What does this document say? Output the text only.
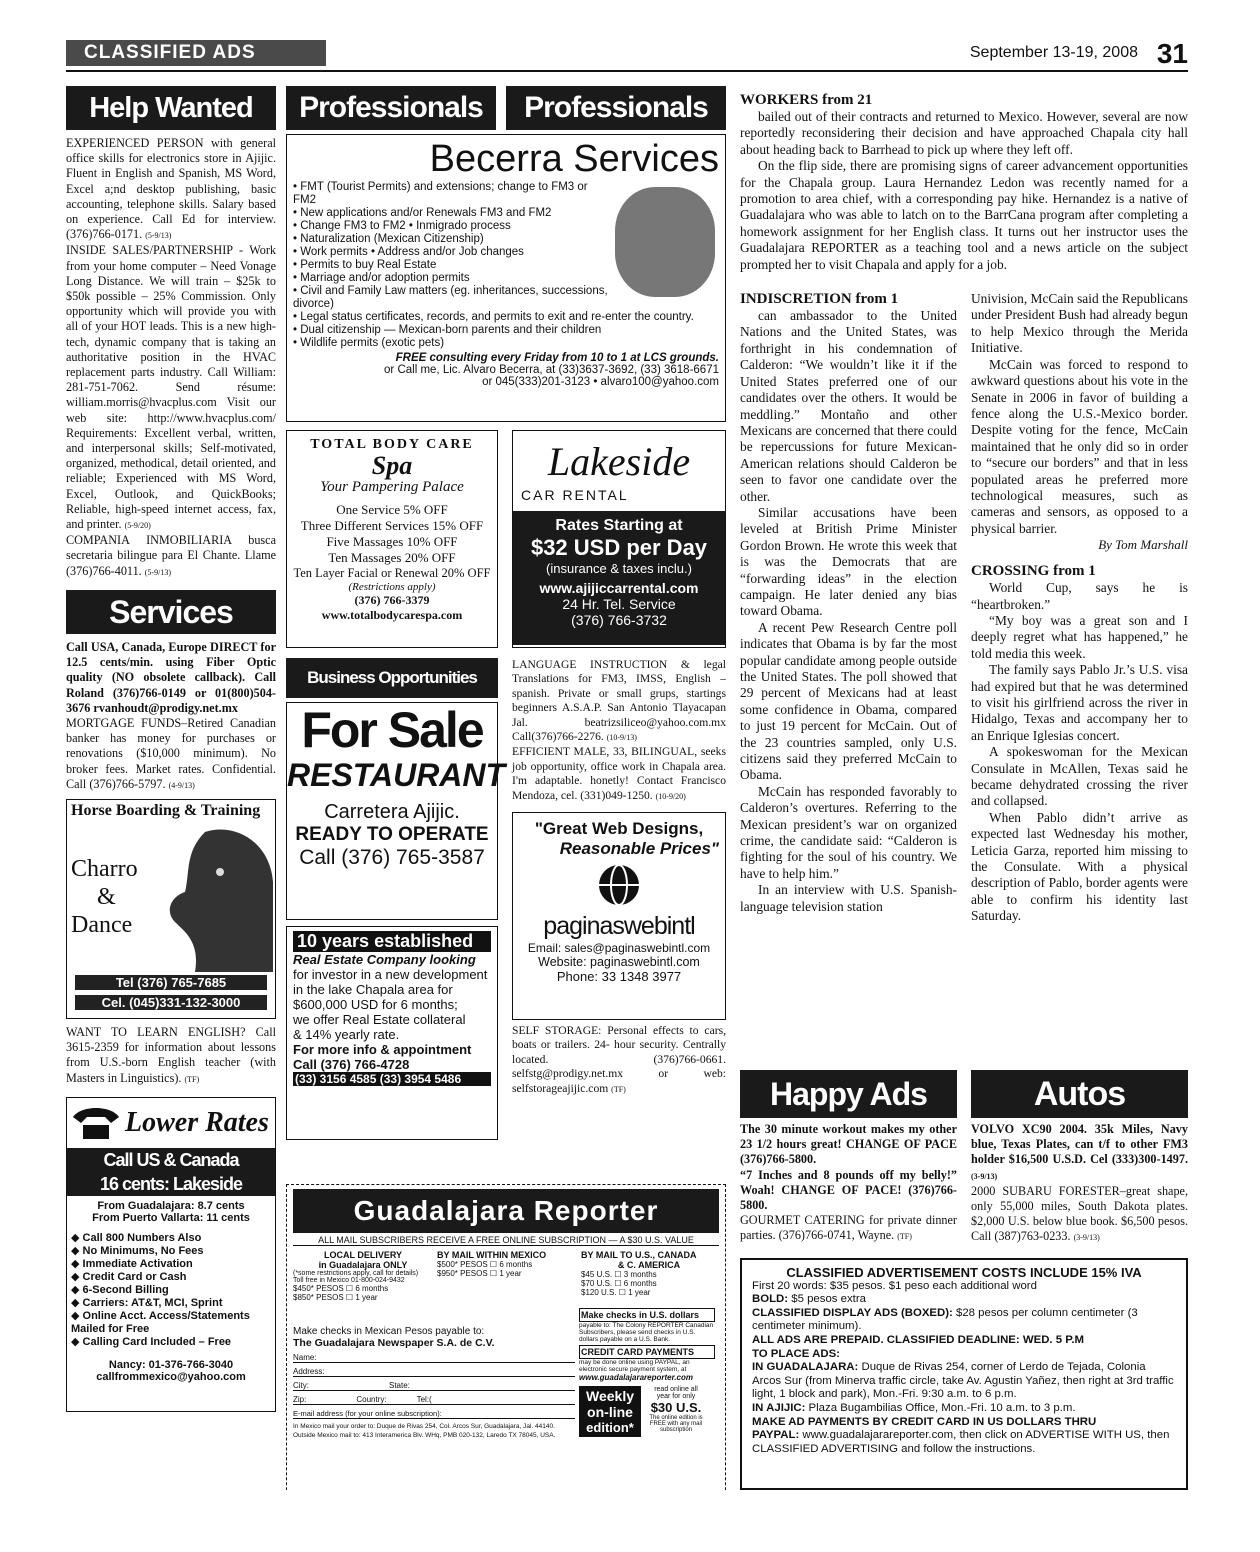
CLASSIFIED ADS	September 13-19, 2008 31
Help Wanted

EXPERIENCED PERSON with general office skills for electronics store in Ajijic. Fluent in English and Spanish, MS Word, Excel a;nd desktop publishing, basic accounting, telephone skills. Salary based on experience. Call Ed for interview. (376)766-0171. (5-9/13)

INSIDE SALES/PARTNERSHIP - Work from your home computer – Need Vonage Long Distance. We will train – $25k to $50k possible – 25% Commission. Only opportunity which will provide you with all of your HOT leads. This is a new high-tech, dynamic company that is taking an authoritative position in the HVAC replacement parts industry. Call William: 281-751-7062. Send résume: william.morris@hvacplus.com Visit our web site: http://www.hvacplus.com/ Requirements: Excellent verbal, written, and interpersonal skills; Self-motivated, organized, methodical, detail oriented, and reliable; Experienced with MS Word, Excel, Outlook, and QuickBooks; Reliable, high-speed internet access, fax, and printer. (5-9/20)

COMPANIA INMOBILIARIA busca secretaria bilingue para El Chante. Llame (376)766-4011. (5-9/13)

Services

Call USA, Canada, Europe DIRECT for 12.5 cents/min. using Fiber Optic quality (NO obsolete callback). Call Roland (376)766-0149 or 01(800)504-3676 rvanhoudt@prodigy.net.mx

MORTGAGE FUNDS–Retired Canadian banker has money for purchases or renovations ($10,000 minimum). No broker fees. Market rates. Confidential. Call (376)766-5797. (4-9/13)

Horse Boarding & Training
Charro
&
Dance
Tel (376) 765-7685
Cel. (045)331-132-3000

WANT TO LEARN ENGLISH? Call 3615-2359 for information about lessons from U.S.-born English teacher (with Masters in Linguistics). (TF)

Lower Rates
Call US & Canada
16 cents: Lakeside
From Guadalajara: 8.7 cents
From Puerto Vallarta: 11 cents
◆ Call 800 Numbers Also
◆ No Minimums, No Fees
◆ Immediate Activation
◆ Credit Card or Cash
◆ 6-Second Billing
◆ Carriers: AT&T, MCI, Sprint
◆ Online Acct. Access/Statements Mailed for Free
◆ Calling Card Included – Free
Nancy: 01-376-766-3040
callfrommexico@yahoo.com
Professionals	Professionals
Becerra Services
• FMT (Tourist Permits) and extensions; change to FM3 or FM2
• New applications and/or Renewals FM3 and FM2
• Change FM3 to FM2 • Inmigrado process
• Naturalization (Mexican Citizenship)
• Work permits • Address and/or Job changes
• Permits to buy Real Estate
• Marriage and/or adoption permits
• Civil and Family Law matters (eg. inheritances, successions, divorce)
• Legal status certificates, records, and permits to exit and re-enter the country.
• Dual citizenship — Mexican-born parents and their children
• Wildlife permits (exotic pets)
FREE consulting every Friday from 10 to 1 at LCS grounds.
or Call me, Lic. Alvaro Becerra, at (33)3637-3692, (33) 3618-6671
or 045(333)201-3123 • alvaro100@yahoo.com
TOTAL BODY CARE
Spa
Your Pampering Palace
One Service 5% OFF
Three Different Services 15% OFF
Five Massages 10% OFF
Ten Massages 20% OFF
Ten Layer Facial or Renewal 20% OFF
(Restrictions apply)
(376) 766-3379
www.totalbodycarespa.com
Lakeside
CAR RENTAL
Rates Starting at
$32 USD per Day
(insurance & taxes inclu.)
www.ajijiccarrental.com
24 Hr. Tel. Service
(376) 766-3732
Business Opportunities
For Sale
RESTAURANT
Carretera Ajijic.
READY TO OPERATE
Call (376) 765-3587
10 years established
Real Estate Company looking
for investor in a new development
in the lake Chapala area for
$600,000 USD for 6 months;
we offer Real Estate collateral
& 14% yearly rate.
For more info & appointment
Call (376) 766-4728
(33) 3156 4585 (33) 3954 5486

LANGUAGE INSTRUCTION & legal Translations for FM3, IMSS, English – spanish. Private or small grups, startings beginners A.S.A.P. San Antonio Tlayacapan Jal. beatrizsiliceo@yahoo.com.mx Call(376)766-2276. (10-9/13)

EFFICIENT MALE, 33, BILINGUAL, seeks job opportunity, office work in Chapala area. I'm adaptable. honetly! Contact Francisco Mendoza, cel. (331)049-1250. (10-9/20)

"Great Web Designs,
Reasonable Prices"
paginaswebintl
Email: sales@paginaswebintl.com
Website: paginaswebintl.com
Phone: 33 1348 3977

SELF STORAGE: Personal effects to cars, boats or trailers. 24- hour security. Centrally located. (376)766-0661. selfstg@prodigy.net.mx or web: selfstorageajijic.com (TF)

Guadalajara Reporter
ALL MAIL SUBSCRIBERS RECEIVE A FREE ONLINE SUBSCRIPTION — A $30 U.S. VALUE
LOCAL DELIVERY
in Guadalajara ONLY
(*some restrictions apply, call for details)
Toll free in Mexico 01-800-024-9432
$450* PESOS ☐ 6 months
$850* PESOS ☐ 1 year
BY MAIL WITHIN MEXICO
$500* PESOS ☐ 6 months
$950* PESOS ☐ 1 year
BY MAIL TO U.S., CANADA
& C. AMERICA
$45 U.S. ☐ 3 months
$70 U.S. ☐ 6 months
$120 U.S. ☐ 1 year
Make checks in Mexican Pesos payable to:
The Guadalajara Newspaper S.A. de C.V.
Name:
Address:
City:	State:
Zip:	Country:	Tel:(
E-mail address (for your online subscription):
In Mexico mail your order to: Duque de Rivas 254, Col. Arcos Sur, Guadalajara, Jal. 44140.
Outside Mexico mail to: 413 Interamerica Blv. WHq, PMB 020-132, Laredo TX 78045, USA.
Make checks in U.S. dollars
payable to: The Colony REPORTER Canadian Subscribers, please send checks in U.S. dollars payable on a U.S. Bank.
CREDIT CARD PAYMENTS
may be done online using PAYPAL, an electronic secure payment system, at
www.guadalajarareporter.com
Weekly
on-line
edition*
read online all
year for only
$30 U.S.
The online edition is FREE with any mail subscription
WORKERS from 21

bailed out of their contracts and returned to Mexico. However, several are now reportedly reconsidering their decision and have approached Chapala city hall about heading back to Barrhead to pick up where they left off.

On the flip side, there are promising signs of career advancement opportunities for the Chapala group. Laura Hernandez Ledon was recently named for a promotion to area chief, with a corresponding pay hike. Hernandez is a native of Guadalajara who was able to latch on to the BarrCana program after completing a homework assignment for her English class. It turns out her instructor uses the Guadalajara REPORTER as a teaching tool and a news article on the subject prompted her to visit Chapala and apply for a job.

INDISCRETION from 1

can ambassador to the United Nations and the United States, was forthright in his condemnation of Calderon: “We wouldn’t like it if the United States preferred one of our candidates over the others. It would be meddling.” Montaño and other Mexicans are concerned that there could be repercussions for future Mexican-American relations should Calderon be seen to favor one candidate over the other.

Similar accusations have been leveled at British Prime Minister Gordon Brown. He wrote this week that is was the Democrats that are “forwarding ideas” in the election campaign. He later denied any bias toward Obama.

A recent Pew Research Centre poll indicates that Obama is by far the most popular candidate among people outside the United States. The poll showed that 29 percent of Mexicans had at least some confidence in Obama, compared to just 19 percent for McCain. Out of the 23 countries sampled, only U.S. citizens said they preferred McCain to Obama.

McCain has responded favorably to Calderon’s overtures. Referring to the Mexican president’s war on organized crime, the candidate said: “Calderon is fighting for the soul of his country. We have to help him.”

In an interview with U.S. Spanish-language television station

Univision, McCain said the Republicans under President Bush had already begun to help Mexico through the Merida Initiative.

McCain was forced to respond to awkward questions about his vote in the Senate in 2006 in favor of building a fence along the U.S.-Mexico border. Despite voting for the fence, McCain maintained that he only did so in order to “secure our borders” and that in less populated areas he preferred more technological measures, such as cameras and sensors, as opposed to a physical barrier.

By Tom Marshall
CROSSING from 1

World Cup, says he is “heartbroken.”

“My boy was a great son and I deeply regret what has happened,” he told media this week.

The family says Pablo Jr.’s U.S. visa had expired but that he was determined to visit his girlfriend across the river in Hidalgo, Texas and accompany her to an Enrique Iglesias concert.

A spokeswoman for the Mexican Consulate in McAllen, Texas said he became dehydrated crossing the river and collapsed.

When Pablo didn’t arrive as expected last Wednesday his mother, Leticia Garza, reported him missing to the Consulate. With a physical description of Pablo, border agents were able to confirm his identity last Saturday.

Happy Ads

The 30 minute workout makes my other 23 1/2 hours great! CHANGE OF PACE (376)766-5800.

“7 Inches and 8 pounds off my belly!” Woah! CHANGE OF PACE! (376)766-5800.

GOURMET CATERING for private dinner parties. (376)766-0741, Wayne. (TF)

Autos

VOLVO XC90 2004. 35k Miles, Navy blue, Texas Plates, can t/f to other FM3 holder $16,500 U.S.D. Cel (333)300-1497. (3-9/13)

2000 SUBARU FORESTER–great shape, only 55,000 miles, South Dakota plates. $2,000 U.S. below blue book. $6,500 pesos. Call (387)763-0233. (3-9/13)

CLASSIFIED ADVERTISEMENT COSTS INCLUDE 15% IVA
First 20 words: $35 pesos. $1 peso each additional word
BOLD: $5 pesos extra
CLASSIFIED DISPLAY ADS (BOXED): $28 pesos per column centimeter (3 centimeter minimum).
ALL ADS ARE PREPAID. CLASSIFIED DEADLINE: WED. 5 P.M
TO PLACE ADS:
IN GUADALAJARA: Duque de Rivas 254, corner of Lerdo de Tejada, Colonia Arcos Sur (from Minerva traffic circle, take Av. Agustin Yañez, then right at 3rd traffic light, 1 block and park), Mon.-Fri. 9:30 a.m. to 6 p.m.
IN AJIJIC: Plaza Bugambilias Office, Mon.-Fri. 10 a.m. to 3 p.m.
MAKE AD PAYMENTS BY CREDIT CARD IN US DOLLARS THRU
PAYPAL: www.guadalajarareporter.com, then click on ADVERTISE WITH US, then CLASSIFIED ADVERTISING and follow the instructions.
